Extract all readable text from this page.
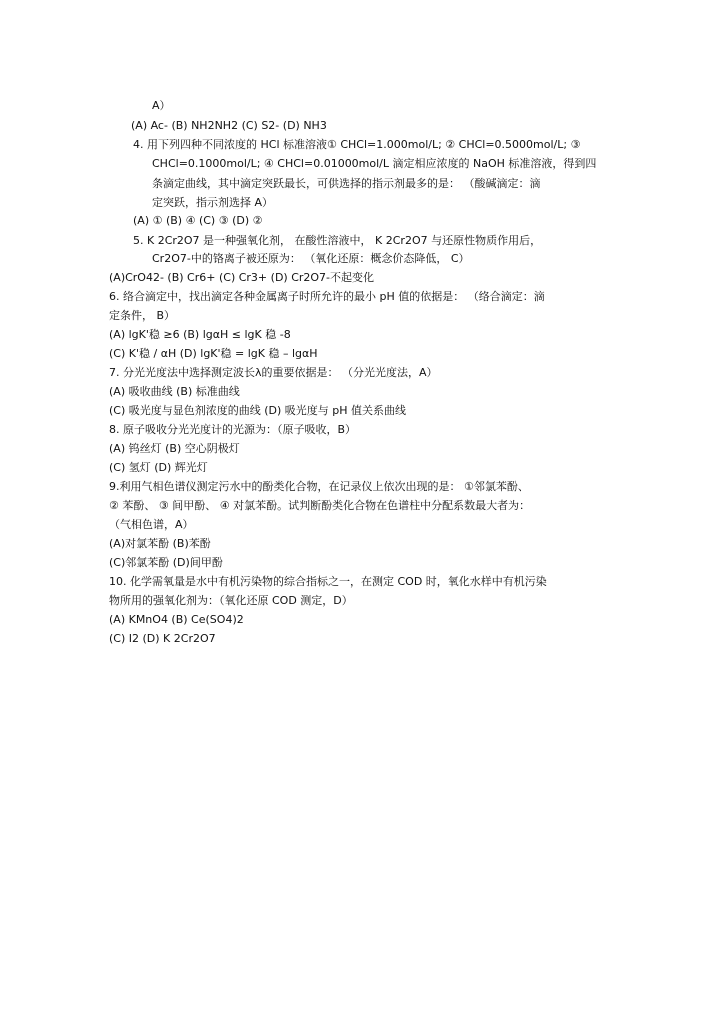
A）
(A) Ac- (B) NH2NH2 (C) S2- (D) NH3
4. 用下列四种不同浓度的 HCl 标准溶液① CHCl=1.000mol/L; ② CHCl=0.5000mol/L; ③
CHCl=0.1000mol/L; ④ CHCl=0.01000mol/L 滴定相应浓度的 NaOH 标准溶液，得到四
条滴定曲线，其中滴定突跃最长，可供选择的指示剂最多的是： （酸碱滴定：滴
定突跃，指示剂选择 A）
(A) ① (B) ④ (C) ③ (D) ②
5. K 2Cr2O7 是一种强氧化剂， 在酸性溶液中， K 2Cr2O7 与还原性物质作用后，
Cr2O7-中的铬离子被还原为： （氧化还原：概念价态降低， C）
(A)CrO42- (B) Cr6+ (C) Cr3+ (D) Cr2O7-不起变化
6. 络合滴定中，找出滴定各种金属离子时所允许的最小 pH 值的依据是： （络合滴定：滴
定条件， B）
(A) lgK'稳 ≥6 (B) lgαH ≤ lgK 稳 -8
(C) K'稳 / αH (D) lgK'稳 = lgK 稳 – lgαH
7. 分光光度法中选择测定波长λ的重要依据是： （分光光度法，A）
(A) 吸收曲线 (B) 标准曲线
(C) 吸光度与显色剂浓度的曲线 (D) 吸光度与 pH 值关系曲线
8. 原子吸收分光光度计的光源为：（原子吸收，B）
(A) 钨丝灯 (B) 空心阴极灯
(C) 氢灯 (D) 辉光灯
9.利用气相色谱仪测定污水中的酚类化合物，在记录仪上依次出现的是： ①邻氯苯酚、
② 苯酚、 ③ 间甲酚、 ④ 对氯苯酚。试判断酚类化合物在色谱柱中分配系数最大者为：
（气相色谱，A）
(A)对氯苯酚 (B)苯酚
(C)邻氯苯酚 (D)间甲酚
10. 化学需氧量是水中有机污染物的综合指标之一，在测定 COD 时，氧化水样中有机污染
物所用的强氧化剂为：（氧化还原 COD 测定，D）
(A) KMnO4 (B) Ce(SO4)2
(C) I2 (D) K 2Cr2O7
